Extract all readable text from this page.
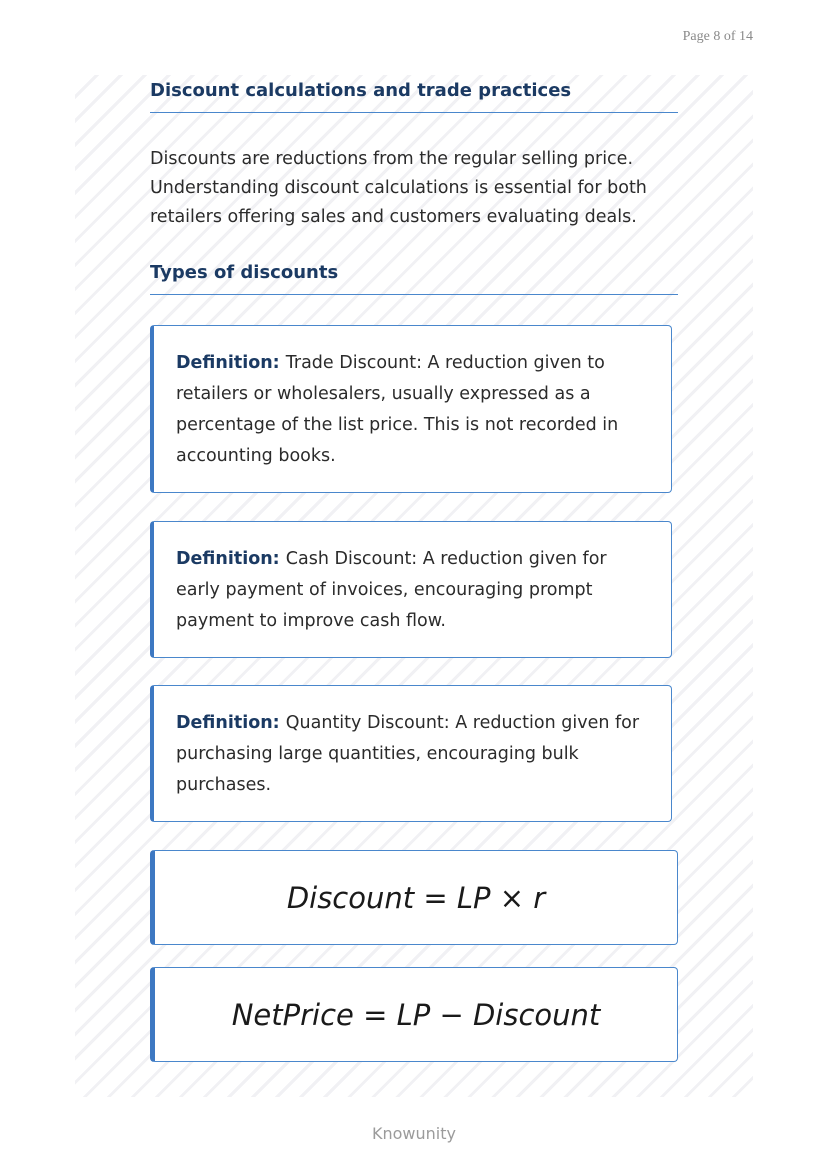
Page 8 of 14
Discount calculations and trade practices

Discounts are reductions from the regular selling price. Understanding discount calculations is essential for both retailers offering sales and customers evaluating deals.

Types of discounts
Definition: Trade Discount: A reduction given to retailers or wholesalers, usually expressed as a percentage of the list price. This is not recorded in accounting books.
Definition: Cash Discount: A reduction given for early payment of invoices, encouraging prompt payment to improve cash flow.
Definition: Quantity Discount: A reduction given for purchasing large quantities, encouraging bulk purchases.
Discount = LP × r
NetPrice = LP − Discount
Knowunity
